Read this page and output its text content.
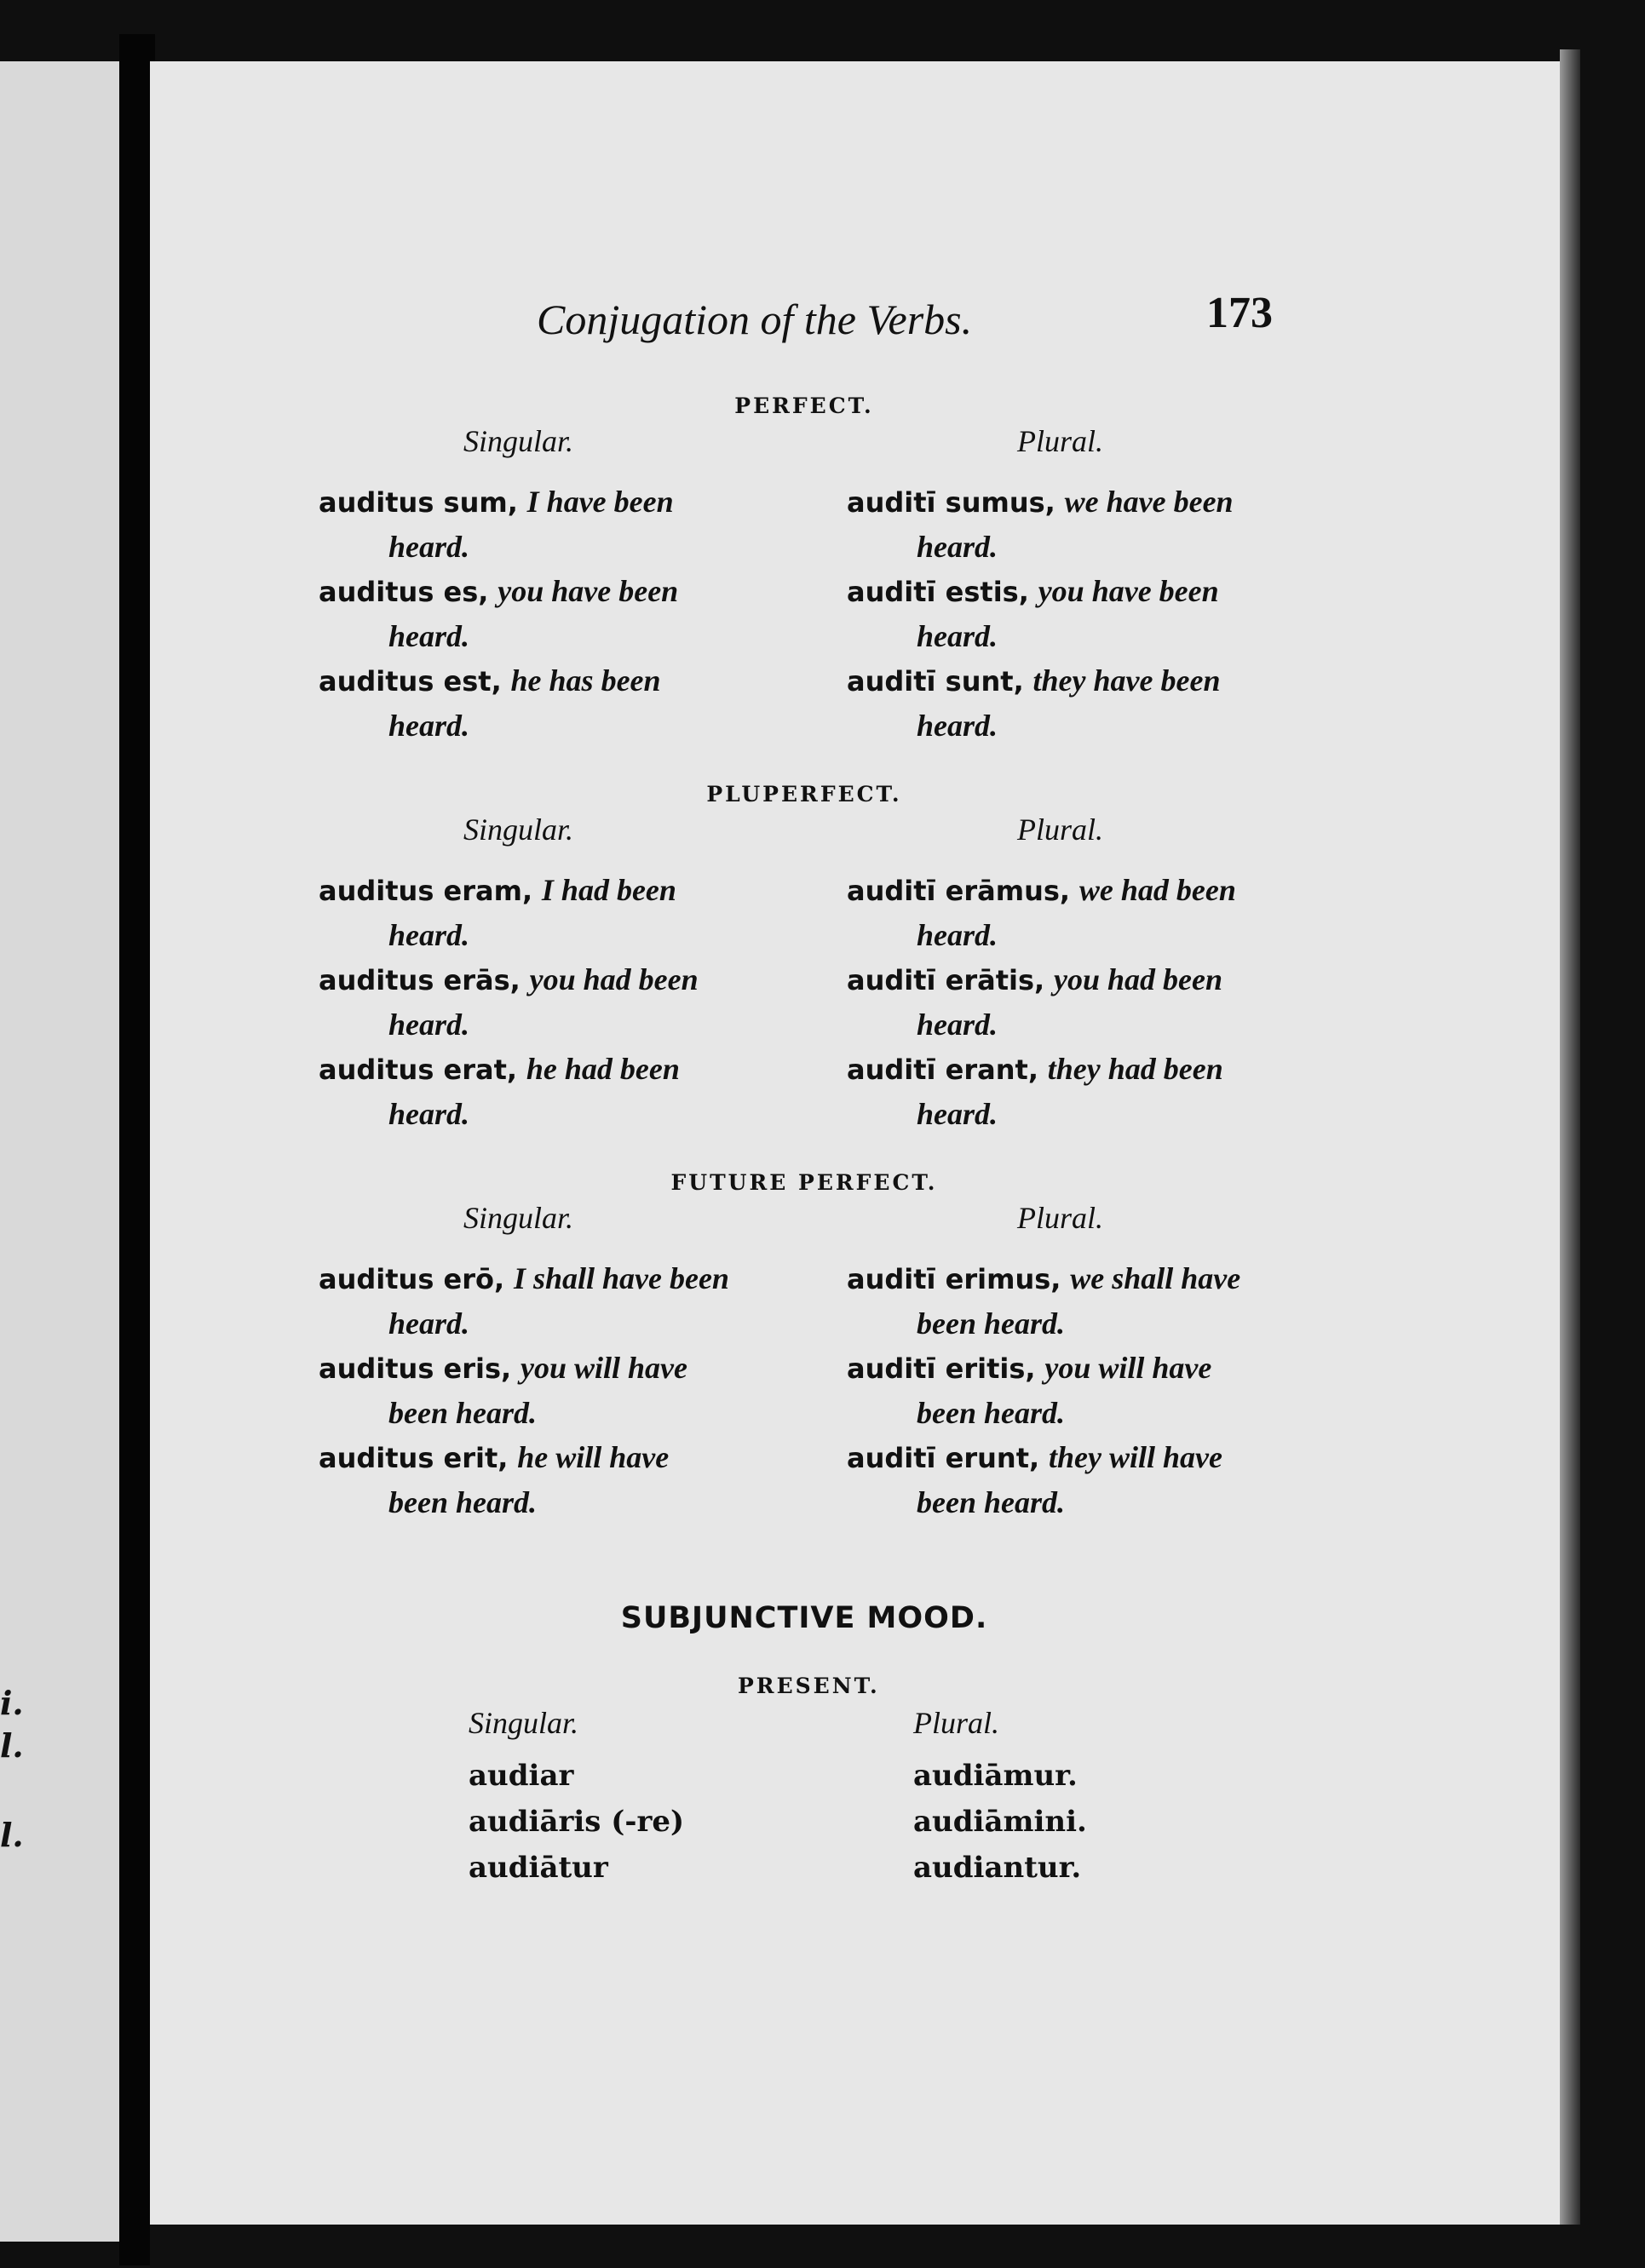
i.
l.
l.
Conjugation of the Verbs.	173
PERFECT.
Singular.
auditus sum, I have been
heard.
auditus es, you have been
heard.
auditus est, he has been
heard.
Plural.
auditī sumus, we have been
heard.
auditī estis, you have been
heard.
auditī sunt, they have been
heard.
PLUPERFECT.
Singular.
auditus eram, I had been
heard.
auditus erās, you had been
heard.
auditus erat, he had been
heard.
Plural.
auditī erāmus, we had been
heard.
auditī erātis, you had been
heard.
auditī erant, they had been
heard.
FUTURE PERFECT.
Singular.
auditus erō, I shall have been
heard.
auditus eris, you will have
been heard.
auditus erit, he will have
been heard.
Plural.
auditī erimus, we shall have
been heard.
auditī eritis, you will have
been heard.
auditī erunt, they will have
been heard.
SUBJUNCTIVE MOOD.
PRESENT.
Singular.
audiar
audiāris (-re)
audiātur
Plural.
audiāmur.
audiāmini.
audiantur.
